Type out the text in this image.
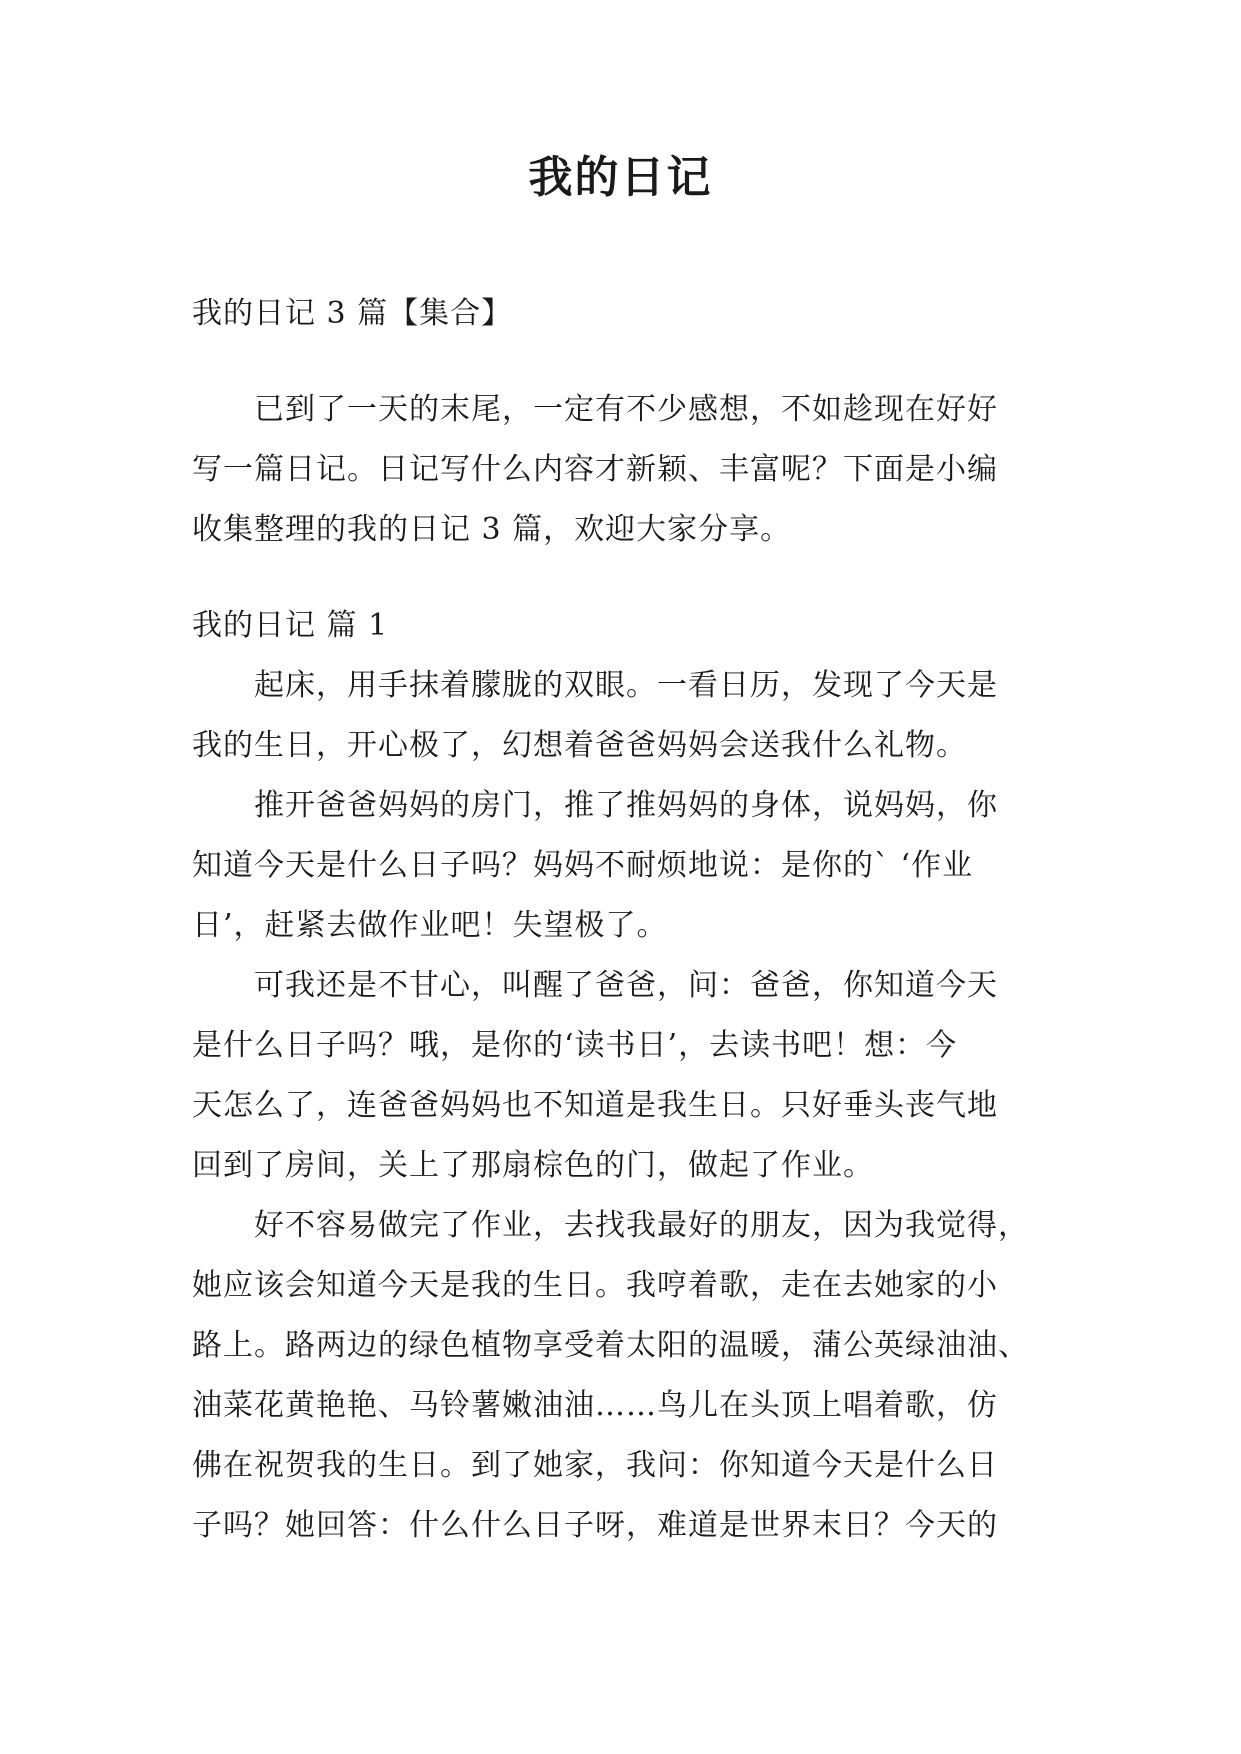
我的日记

我的日记 3 篇【集合】

已到了一天的末尾，一定有不少感想，不如趁现在好好

写一篇日记。日记写什么内容才新颖、丰富呢？下面是小编

收集整理的我的日记 3 篇，欢迎大家分享。

我的日记 篇 1

起床，用手抹着朦胧的双眼。一看日历，发现了今天是

我的生日，开心极了，幻想着爸爸妈妈会送我什么礼物。

推开爸爸妈妈的房门，推了推妈妈的身体，说妈妈，你

知道今天是什么日子吗？妈妈不耐烦地说：是你的` ‘作业

日’，赶紧去做作业吧！失望极了。

可我还是不甘心，叫醒了爸爸，问：爸爸，你知道今天

是什么日子吗？哦，是你的‘读书日’，去读书吧！想：今

天怎么了，连爸爸妈妈也不知道是我生日。只好垂头丧气地

回到了房间，关上了那扇棕色的门，做起了作业。

好不容易做完了作业，去找我最好的朋友，因为我觉得，

她应该会知道今天是我的生日。我哼着歌，走在去她家的小

路上。路两边的绿色植物享受着太阳的温暖，蒲公英绿油油、

油菜花黄艳艳、马铃薯嫩油油……鸟儿在头顶上唱着歌，仿

佛在祝贺我的生日。到了她家，我问：你知道今天是什么日

子吗？她回答：什么什么日子呀，难道是世界末日？今天的
